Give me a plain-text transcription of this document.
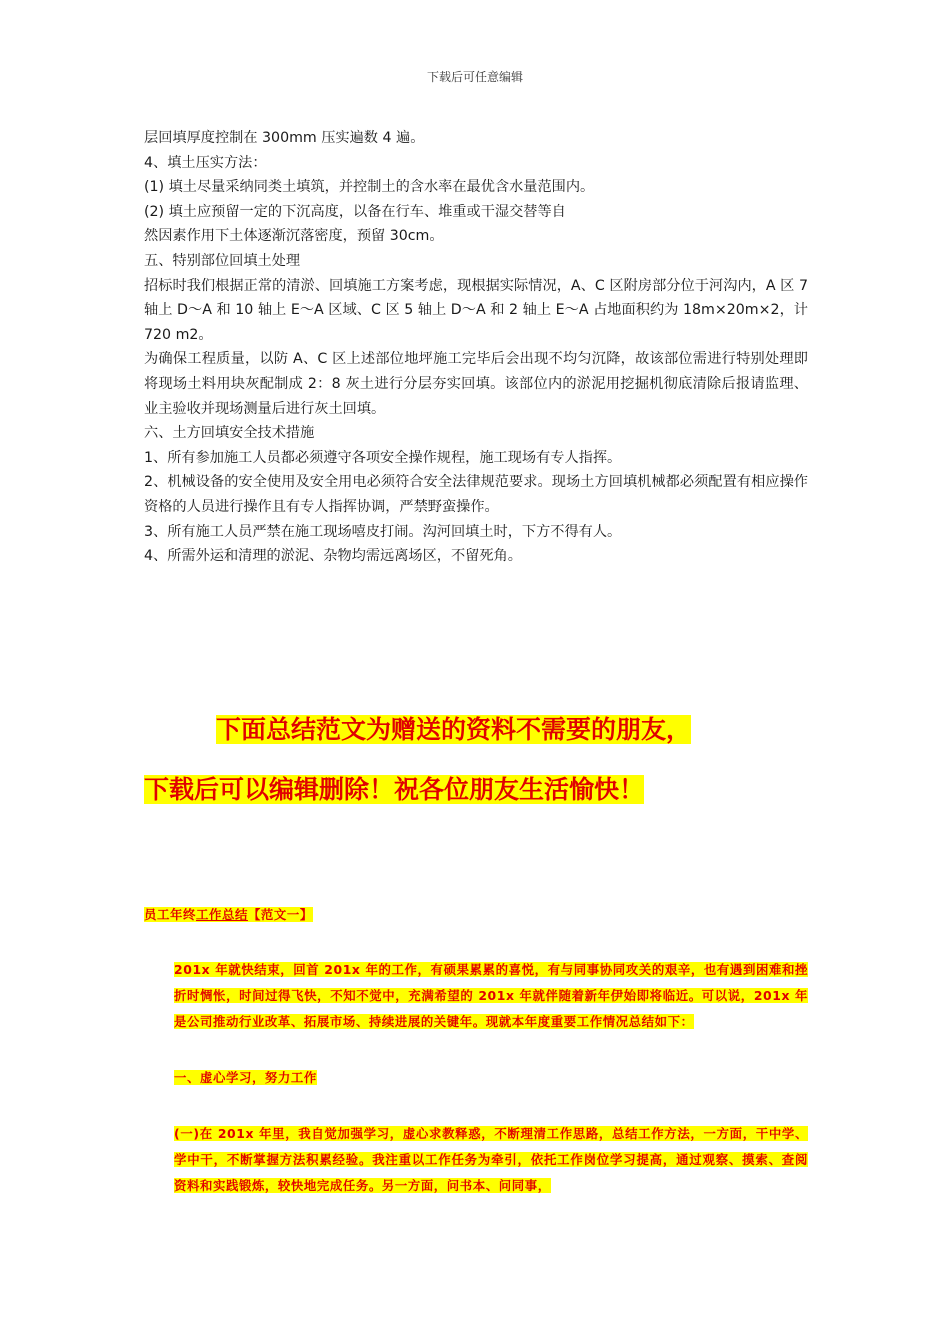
下载后可任意编辑

层回填厚度控制在 300mm 压实遍数 4 遍。

4、填土压实方法：

(1) 填土尽量采纳同类土填筑，并控制土的含水率在最优含水量范围内。

(2) 填土应预留一定的下沉高度，以备在行车、堆重或干湿交替等自

然因素作用下土体逐渐沉落密度，预留 30cm。

五、特别部位回填土处理

招标时我们根据正常的清淤、回填施工方案考虑，现根据实际情况，A、C 区附房部分位于河沟内，A 区 7 轴上 D～A 和 10 轴上 E～A 区域、C 区 5 轴上 D～A 和 2 轴上 E～A 占地面积约为 18m×20m×2，计 720 m2。

为确保工程质量，以防 A、C 区上述部位地坪施工完毕后会出现不均匀沉降，故该部位需进行特别处理即将现场土料用块灰配制成 2：8 灰土进行分层夯实回填。该部位内的淤泥用挖掘机彻底清除后报请监理、业主验收并现场测量后进行灰土回填。

六、土方回填安全技术措施

1、所有参加施工人员都必须遵守各项安全操作规程，施工现场有专人指挥。

2、机械设备的安全使用及安全用电必须符合安全法律规范要求。现场土方回填机械都必须配置有相应操作资格的人员进行操作且有专人指挥协调，严禁野蛮操作。

3、所有施工人员严禁在施工现场嘻皮打闹。沟河回填土时，下方不得有人。

4、所需外运和清理的淤泥、杂物均需远离场区，不留死角。

下面总结范文为赠送的资料不需要的朋友，
下载后可以编辑删除！祝各位朋友生活愉快！

员工年终工作总结【范文一】

201x 年就快结束，回首 201x 年的工作，有硕果累累的喜悦，有与同事协同攻关的艰辛，也有遇到困难和挫折时惆怅，时间过得飞快，不知不觉中，充满希望的 201x 年就伴随着新年伊始即将临近。可以说，201x 年是公司推动行业改革、拓展市场、持续进展的关键年。现就本年度重要工作情况总结如下：

一、虚心学习，努力工作

(一)在 201x 年里，我自觉加强学习，虚心求教释惑，不断理清工作思路，总结工作方法，一方面，干中学、学中干，不断掌握方法积累经验。我注重以工作任务为牵引，依托工作岗位学习提高，通过观察、摸索、查阅资料和实践锻炼，较快地完成任务。另一方面，问书本、问同事，
